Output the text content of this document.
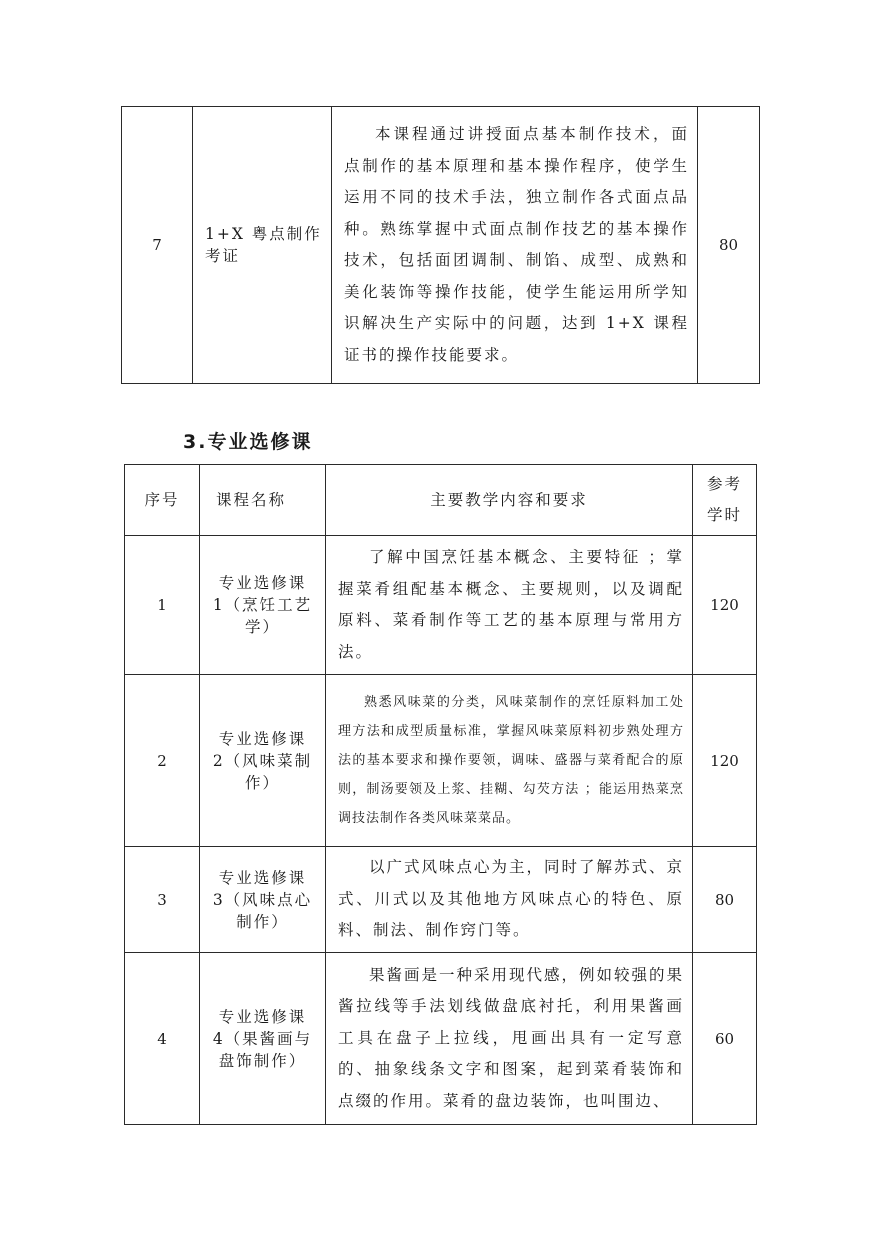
7	1+X 粤点制作考证	本课程通过讲授面点基本制作技术，面点制作的基本原理和基本操作程序，使学生运用不同的技术手法，独立制作各式面点品种。熟练掌握中式面点制作技艺的基本操作技术，包括面团调制、制馅、成型、成熟和美化装饰等操作技能，使学生能运用所学知识解决生产实际中的问题，达到 1+X 课程证书的操作技能要求。	80
3.专业选修课
序号	课程名称	主要教学内容和要求	参考学时
1	专业选修课 1（烹饪工艺学）	了解中国烹饪基本概念、主要特征 ；掌握菜肴组配基本概念、主要规则，以及调配原料、菜肴制作等工艺的基本原理与常用方法。	120
2	专业选修课 2（风味菜制作）	熟悉风味菜的分类，风味菜制作的烹饪原料加工处理方法和成型质量标准，掌握风味菜原料初步熟处理方法的基本要求和操作要领，调味、盛器与菜肴配合的原则，制汤要领及上浆、挂糊、勾芡方法 ；能运用热菜烹调技法制作各类风味菜菜品。	120
3	专业选修课 3（风味点心制作）	以广式风味点心为主，同时了解苏式、京式、川式以及其他地方风味点心的特色、原料、制法、制作窍门等。	80
4	专业选修课 4（果酱画与盘饰制作）	果酱画是一种采用现代感，例如较强的果酱拉线等手法划线做盘底衬托，利用果酱画工具在盘子上拉线，甩画出具有一定写意的、抽象线条文字和图案，起到菜肴装饰和点缀的作用。菜肴的盘边装饰，也叫围边、	60
